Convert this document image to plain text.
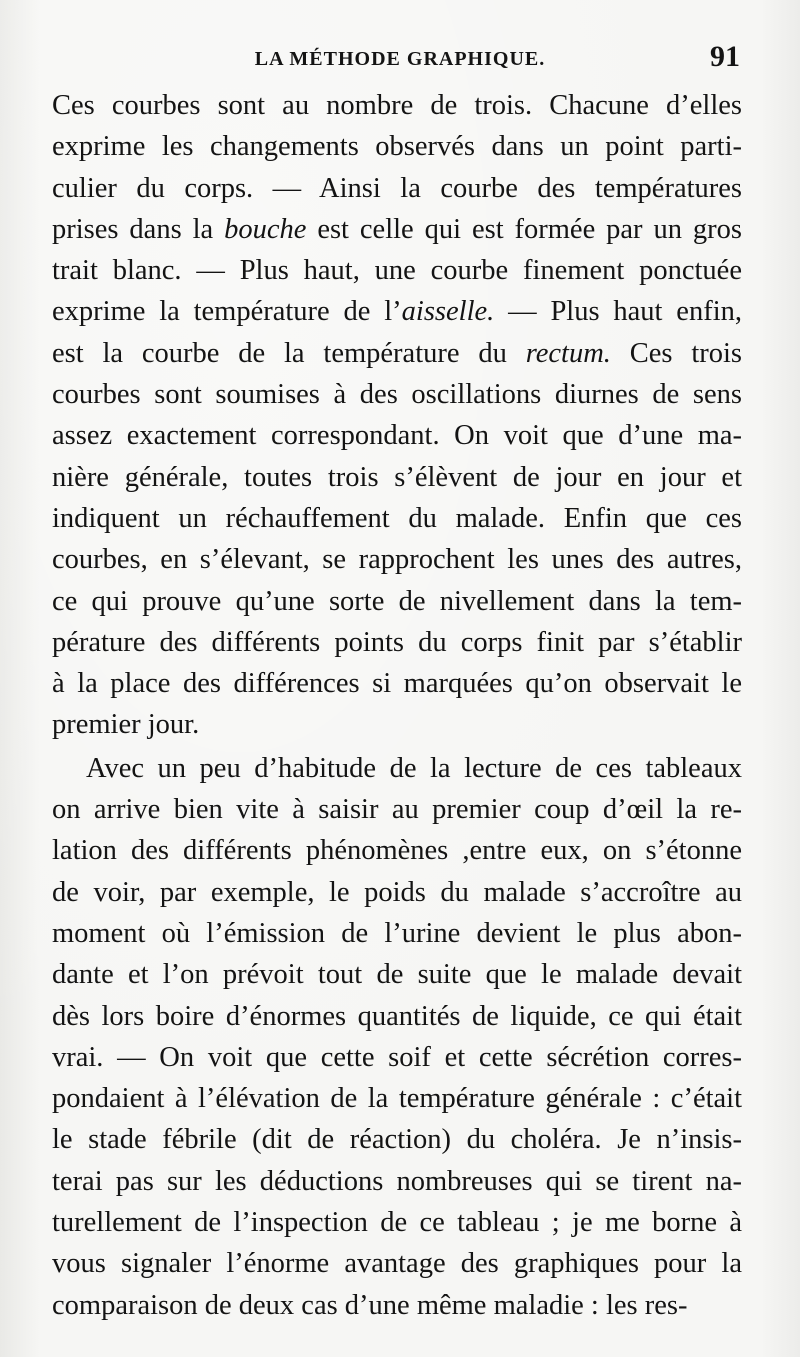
LA MÉTHODE GRAPHIQUE.	91
Ces courbes sont au nombre de trois. Chacune d’elles
exprime les changements observés dans un point parti-
culier du corps. — Ainsi la courbe des températures
prises dans la bouche est celle qui est formée par un gros
trait blanc. — Plus haut, une courbe finement ponctuée
exprime la température de l’aisselle. — Plus haut enfin,
est la courbe de la température du rectum. Ces trois
courbes sont soumises à des oscillations diurnes de sens
assez exactement correspondant. On voit que d’une ma-
nière générale, toutes trois s’élèvent de jour en jour et
indiquent un réchauffement du malade. Enfin que ces
courbes, en s’élevant, se rapprochent les unes des autres,
ce qui prouve qu’une sorte de nivellement dans la tem-
pérature des différents points du corps finit par s’établir
à la place des différences si marquées qu’on observait le
premier jour.
Avec un peu d’habitude de la lecture de ces tableaux
on arrive bien vite à saisir au premier coup d’œil la re-
lation des différents phénomènes ,entre eux, on s’étonne
de voir, par exemple, le poids du malade s’accroître au
moment où l’émission de l’urine devient le plus abon-
dante et l’on prévoit tout de suite que le malade devait
dès lors boire d’énormes quantités de liquide, ce qui était
vrai. — On voit que cette soif et cette sécrétion corres-
pondaient à l’élévation de la température générale : c’était
le stade fébrile (dit de réaction) du choléra. Je n’insis-
terai pas sur les déductions nombreuses qui se tirent na-
turellement de l’inspection de ce tableau ; je me borne à
vous signaler l’énorme avantage des graphiques pour la
comparaison de deux cas d’une même maladie : les res-
